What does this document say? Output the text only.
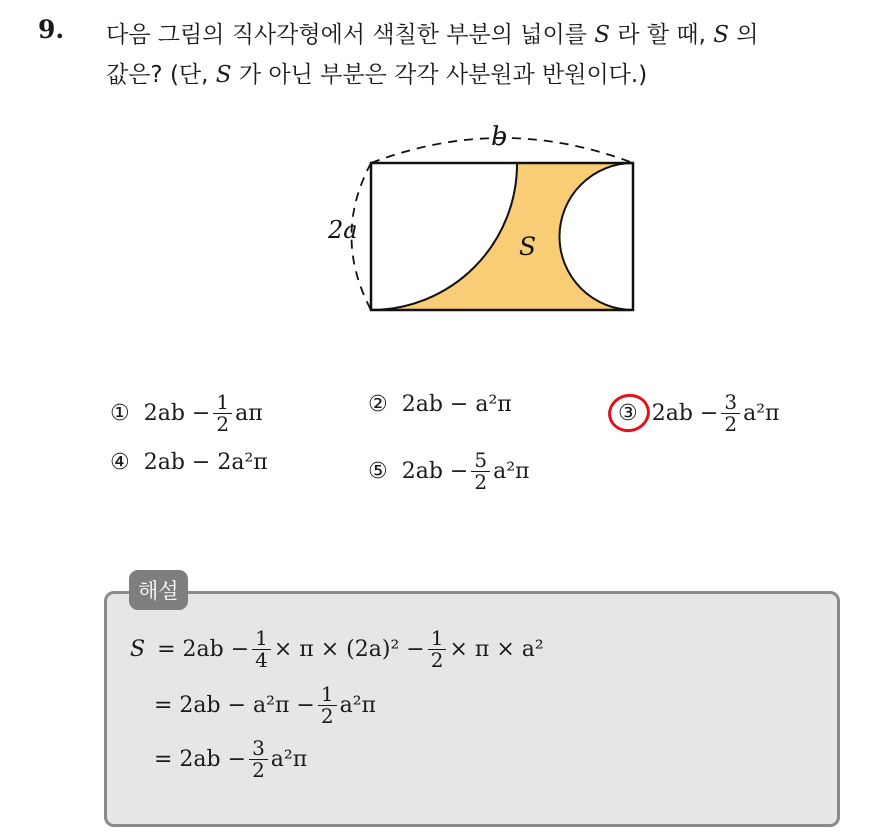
9. 다음 그림의 직사각형에서 색칠한 부분의 넓이를 S 라 할 때, S 의
값은? (단, S 가 아닌 부분은 각각 사분원과 반원이다.)
b
2a
S
① $2ab - \frac{1}{2}$ aπ	② 2ab − a²π	③ $2ab - \frac{3}{2} a^2\pi$
④ 2ab − 2a²π	⑤ $2ab - \frac{5}{2} a^2\pi$
해설
$S = 2ab - \frac{1}{4} \times \pi \times (2a)^2 - \frac{1}{2} \times \pi \times a^2$
= $2ab - a^2\pi - \frac{1}{2} a^2\pi$
= $2ab - \frac{3}{2} a^2\pi$
